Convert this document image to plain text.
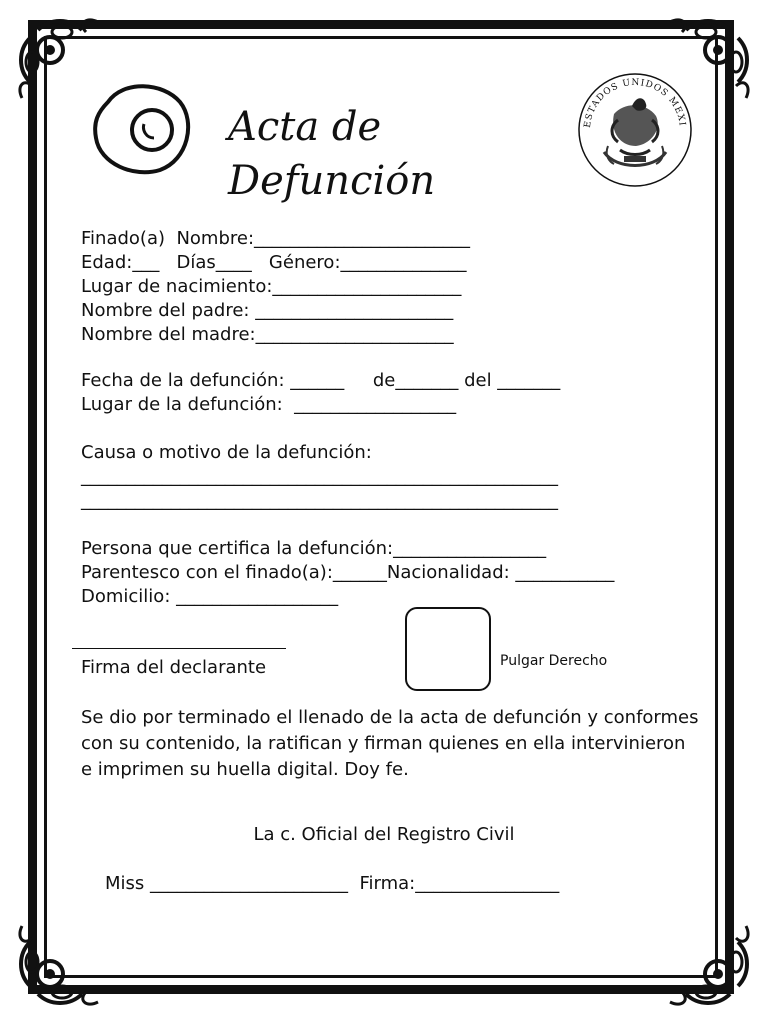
Acta de Defunción
ESTADOS UNIDOS MEXI
Finado(a)  Nombre:________________________
Edad:___   Días____   Género:______________
Lugar de nacimiento:_____________________
Nombre del padre: ______________________
Nombre del madre:______________________
Fecha de la defunción: ______     de_______ del _______
Lugar de la defunción:  __________________
Causa o motivo de la defunción:
_____________________________________________________
_____________________________________________________
Persona que certifica la defunción:_________________
Parentesco con el finado(a):______Nacionalidad: ___________
Domicilio: __________________
Firma del declarante	Pulgar Derecho
Se dio por terminado el llenado de la acta de defunción y conformes con su contenido, la ratifican y firman quienes en ella intervinieron e imprimen su huella digital. Doy fe.
La c. Oficial del Registro Civil
Miss ______________________  Firma:________________
